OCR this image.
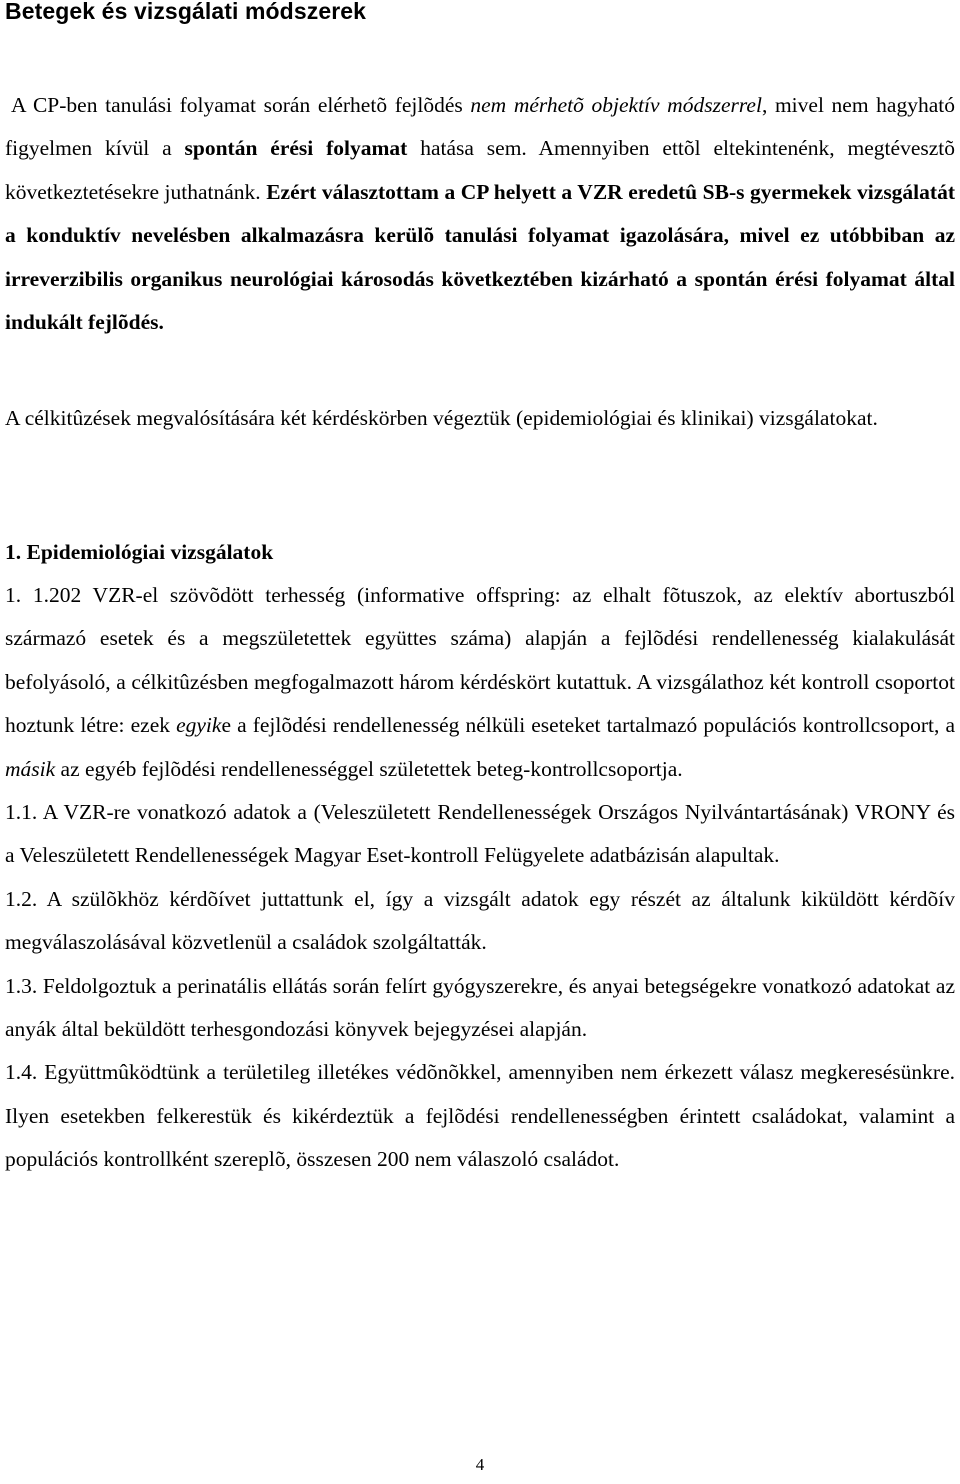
Betegek és vizsgálati módszerek
A CP-ben tanulási folyamat során elérhetõ fejlõdés nem mérhetõ objektív módszerrel, mivel nem hagyható figyelmen kívül a spontán érési folyamat hatása sem. Amennyiben ettõl eltekintenénk, megtévesztõ következtetésekre juthatnánk. Ezért választottam a CP helyett a VZR eredetû SB-s gyermekek vizsgálatát a konduktív nevelésben alkalmazásra kerülõ tanulási folyamat igazolására, mivel ez utóbbiban az irreverzibilis organikus neurológiai károsodás következtében kizárható a spontán érési folyamat által indukált fejlõdés.
A célkitûzések megvalósítására két kérdéskörben végeztük (epidemiológiai és klinikai) vizsgálatokat.
1. Epidemiológiai vizsgálatok
1. 1.202 VZR-el szövõdött terhesség (informative offspring: az elhalt fõtuszok, az elektív abortuszból származó esetek és a megszületettek együttes száma) alapján a fejlõdési rendellenesség kialakulását befolyásoló, a célkitûzésben megfogalmazott három kérdéskört kutattuk. A vizsgálathoz két kontroll csoportot hoztunk létre: ezek egyike a fejlõdési rendellenesség nélküli eseteket tartalmazó populációs kontrollcsoport, a másik az egyéb fejlõdési rendellenességgel születettek beteg-kontrollcsoportja.
1.1. A VZR-re vonatkozó adatok a (Veleszületett Rendellenességek Országos Nyilvántartásának) VRONY és a Veleszületett Rendellenességek Magyar Eset-kontroll Felügyelete adatbázisán alapultak.
1.2. A szülõkhöz kérdõívet juttattunk el, így a vizsgált adatok egy részét az általunk kiküldött kérdõív megválaszolásával közvetlenül a családok szolgáltatták.
1.3. Feldolgoztuk a perinatális ellátás során felírt gyógyszerekre, és anyai betegségekre vonatkozó adatokat az anyák által beküldött terhesgondozási könyvek bejegyzései alapján.
1.4. Együttmûködtünk a területileg illetékes védõnõkkel, amennyiben nem érkezett válasz megkeresésünkre. Ilyen esetekben felkerestük és kikérdeztük a fejlõdési rendellenességben érintett családokat, valamint a populációs kontrollként szereplõ, összesen 200 nem válaszoló családot.
4
